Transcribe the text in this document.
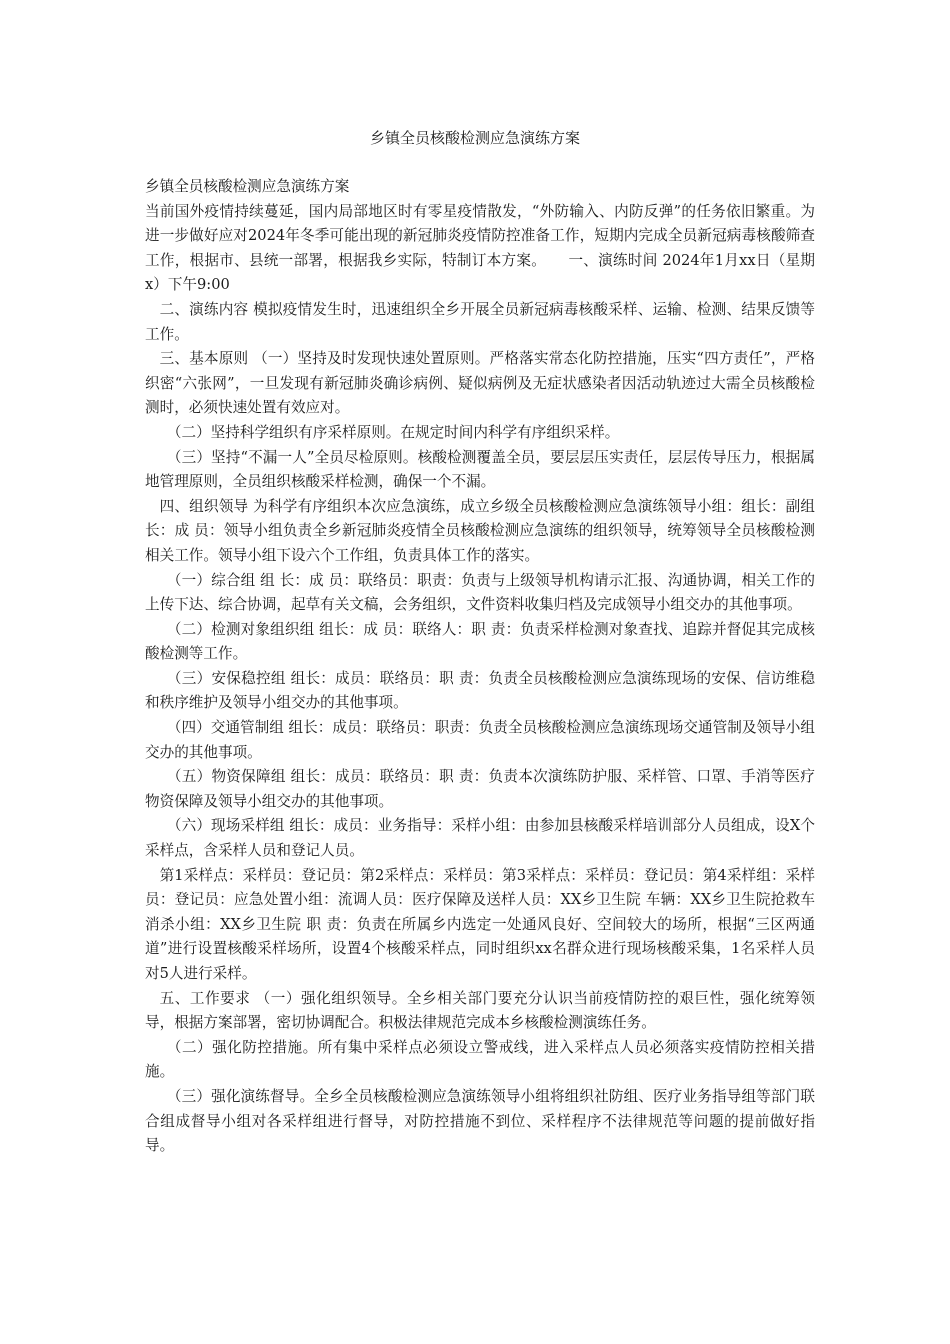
乡镇全员核酸检测应急演练方案

乡镇全员核酸检测应急演练方案

当前国外疫情持续蔓延，国内局部地区时有零星疫情散发，“外防输入、内防反弹”的任务依旧繁重。为进一步做好应对2024年冬季可能出现的新冠肺炎疫情防控准备工作，短期内完成全员新冠病毒核酸筛查工作，根据市、县统一部署，根据我乡实际，特制订本方案。　　一、演练时间 2024年1月xx日（星期x）下午9:00

二、演练内容 模拟疫情发生时，迅速组织全乡开展全员新冠病毒核酸采样、运输、检测、结果反馈等工作。

三、基本原则 （一）坚持及时发现快速处置原则。严格落实常态化防控措施，压实“四方责任”，严格织密“六张网”，一旦发现有新冠肺炎确诊病例、疑似病例及无症状感染者因活动轨迹过大需全员核酸检测时，必须快速处置有效应对。

（二）坚持科学组织有序采样原则。在规定时间内科学有序组织采样。

（三）坚持“不漏一人”全员尽检原则。核酸检测覆盖全员，要层层压实责任，层层传导压力，根据属地管理原则，全员组织核酸采样检测，确保一个不漏。

四、组织领导 为科学有序组织本次应急演练，成立乡级全员核酸检测应急演练领导小组：组长：副组长：成 员：领导小组负责全乡新冠肺炎疫情全员核酸检测应急演练的组织领导，统筹领导全员核酸检测相关工作。领导小组下设六个工作组，负责具体工作的落实。

（一）综合组 组 长：成 员：联络员：职责：负责与上级领导机构请示汇报、沟通协调，相关工作的上传下达、综合协调，起草有关文稿，会务组织，文件资料收集归档及完成领导小组交办的其他事项。

（二）检测对象组织组 组长：成 员：联络人：职 责：负责采样检测对象查找、追踪并督促其完成核酸检测等工作。

（三）安保稳控组 组长：成员：联络员：职 责：负责全员核酸检测应急演练现场的安保、信访维稳 和秩序维护及领导小组交办的其他事项。

（四）交通管制组 组长：成员：联络员：职责：负责全员核酸检测应急演练现场交通管制及领导小组交办的其他事项。

（五）物资保障组 组长：成员：联络员：职 责：负责本次演练防护服、采样管、口罩、手消等医疗物资保障及领导小组交办的其他事项。

（六）现场采样组 组长：成员：业务指导：采样小组：由参加县核酸采样培训部分人员组成，设X个采样点，含采样人员和登记人员。

第1采样点：采样员：登记员：第2采样点：采样员：第3采样点：采样员：登记员：第4采样组：采样员：登记员：应急处置小组：流调人员：医疗保障及送样人员：XX乡卫生院 车辆：XX乡卫生院抢救车 消杀小组：XX乡卫生院 职 责：负责在所属乡内选定一处通风良好、空间较大的场所，根据“三区两通道”进行设置核酸采样场所，设置4个核酸采样点，同时组织xx名群众进行现场核酸采集，1名采样人员对5人进行采样。

五、工作要求 （一）强化组织领导。全乡相关部门要充分认识当前疫情防控的艰巨性，强化统筹领导，根据方案部署，密切协调配合。积极法律规范完成本乡核酸检测演练任务。

（二）强化防控措施。所有集中采样点必须设立警戒线，进入采样点人员必须落实疫情防控相关措施。

（三）强化演练督导。全乡全员核酸检测应急演练领导小组将组织社防组、医疗业务指导组等部门联合组成督导小组对各采样组进行督导，对防控措施不到位、采样程序不法律规范等问题的提前做好指导。
